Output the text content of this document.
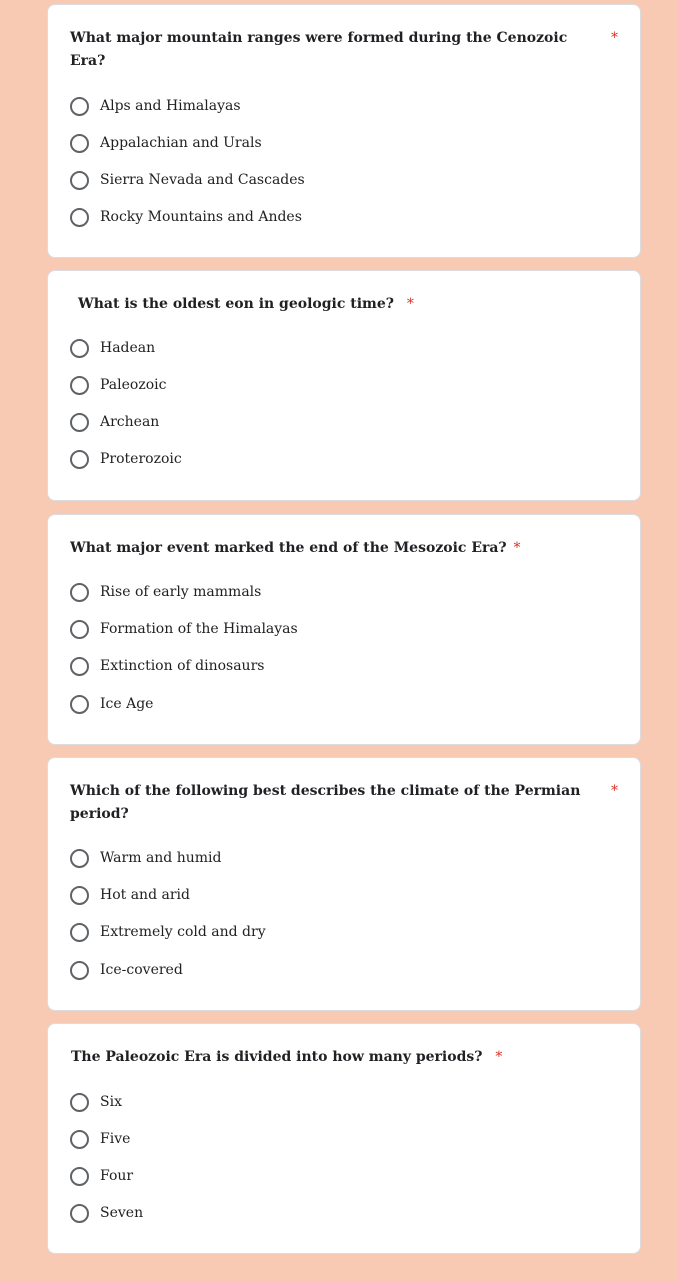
What major mountain ranges were formed during the Cenozoic Era?
*
Alps and Himalayas
Appalachian and Urals
Sierra Nevada and Cascades
Rocky Mountains and Andes
What is the oldest eon in geologic time? *
Hadean
Paleozoic
Archean
Proterozoic
What major event marked the end of the Mesozoic Era? *
Rise of early mammals
Formation of the Himalayas
Extinction of dinosaurs
Ice Age
Which of the following best describes the climate of the Permian period?
*
Warm and humid
Hot and arid
Extremely cold and dry
Ice-covered
The Paleozoic Era is divided into how many periods? *
Six
Five
Four
Seven
